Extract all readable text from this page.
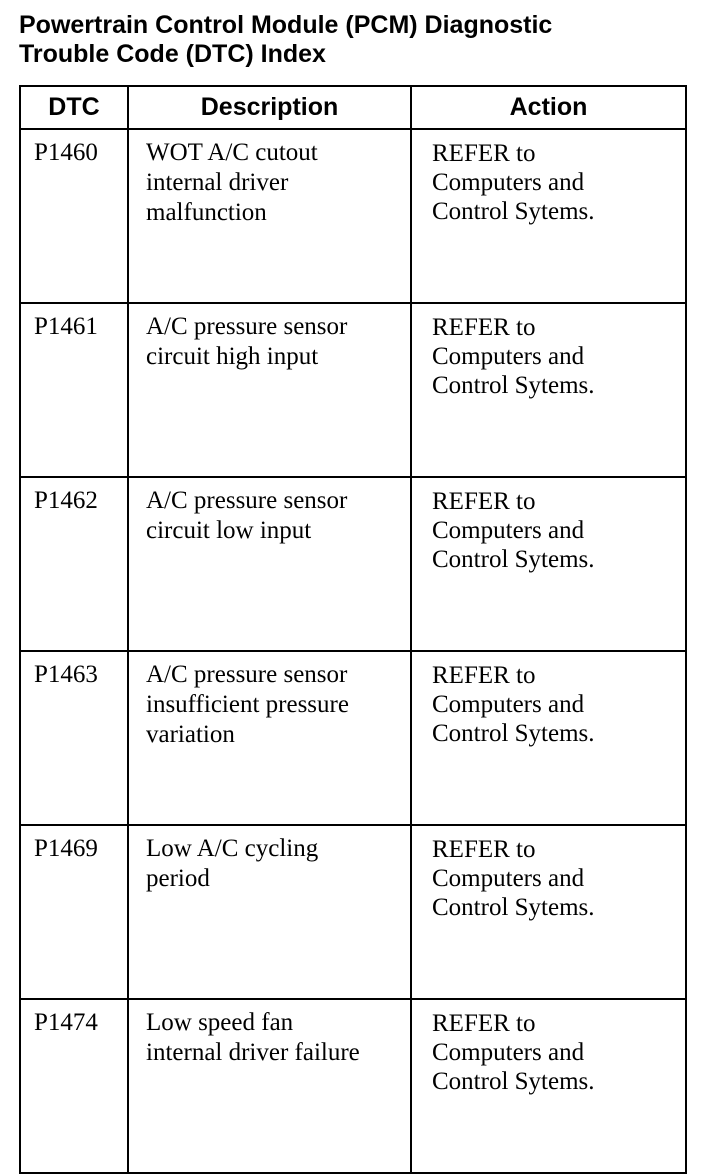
Powertrain Control Module (PCM) Diagnostic
Trouble Code (DTC) Index
DTC	Description	Action

P1460	WOT A/C cutout
internal driver
malfunction	REFER to
Computers and
Control Sytems.

P1461	A/C pressure sensor
circuit high input	REFER to
Computers and
Control Sytems.

P1462	A/C pressure sensor
circuit low input	REFER to
Computers and
Control Sytems.

P1463	A/C pressure sensor
insufficient pressure
variation	REFER to
Computers and
Control Sytems.

P1469	Low A/C cycling
period	REFER to
Computers and
Control Sytems.

P1474	Low speed fan
internal driver failure	REFER to
Computers and
Control Sytems.
